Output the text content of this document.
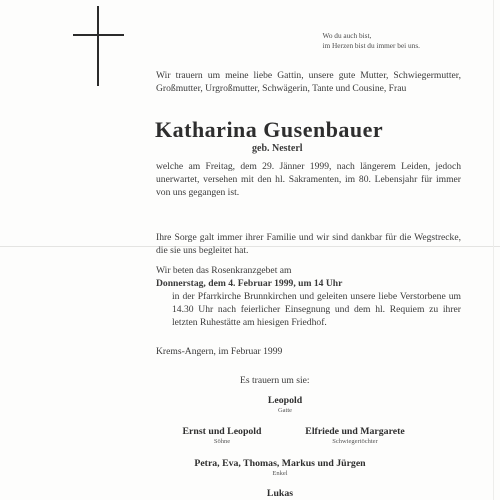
Wo du auch bist,
im Herzen bist du immer bei uns.
Wir trauern um meine liebe Gattin, unsere gute Mutter, Schwiegermutter, Großmutter, Urgroßmutter, Schwägerin, Tante und Cousine, Frau
Katharina Gusenbauer
geb. Nesterl
welche am Freitag, dem 29. Jänner 1999, nach längerem Leiden, jedoch unerwartet, versehen mit den hl. Sakramenten, im 80. Lebensjahr für immer von uns gegangen ist.
Ihre Sorge galt immer ihrer Familie und wir sind dankbar für die Wegstrecke, die sie uns begleitet hat.
Wir beten das Rosenkranzgebet am
Donnerstag, dem 4. Februar 1999, um 14 Uhr
in der Pfarrkirche Brunnkirchen und geleiten unsere liebe Verstorbene um 14.30 Uhr nach feierlicher Einsegnung und dem hl. Requiem zu ihrer letzten Ruhestätte am hiesigen Friedhof.
Krems-Angern, im Februar 1999
Es trauern um sie:
Leopold
Gatte
Ernst und Leopold
Söhne
Elfriede und Margarete
Schwiegertöchter
Petra, Eva, Thomas, Markus und Jürgen
Enkel
Lukas
